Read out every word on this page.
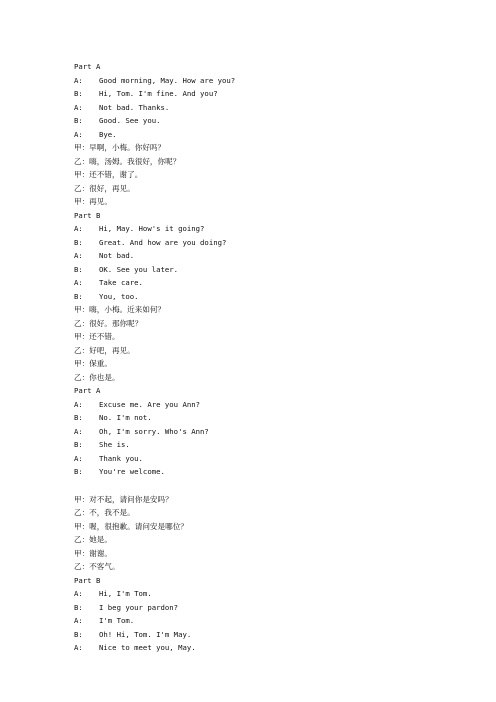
Part A
A: Good morning, May. How are you?
B: Hi, Tom. I'm fine. And you?
A: Not bad. Thanks.
B: Good. See you.
A: Bye.
甲：早啊，小梅。你好吗？
乙：嗨，汤姆。我很好，你呢？
甲：还不错，谢了。
乙：很好，再见。
甲：再见。
Part B
A: Hi, May. How's it going?
B: Great. And how are you doing?
A: Not bad.
B: OK. See you later.
A: Take care.
B: You, too.
甲：嗨，小梅。近来如何？
乙：很好。那你呢？
甲：还不错。
乙：好吧，再见。
甲：保重。
乙：你也是。
Part A
A: Excuse me. Are you Ann?
B: No. I'm not.
A: Oh, I'm sorry. Who's Ann?
B: She is.
A: Thank you.
B: You're welcome.
甲：对不起，请问你是安吗？
乙：不，我不是。
甲：喔，很抱歉。请问安是哪位？
乙：她是。
甲：谢谢。
乙：不客气。
Part B
A: Hi, I'm Tom.
B: I beg your pardon?
A: I'm Tom.
B: Oh! Hi, Tom. I'm May.
A: Nice to meet you, May.
